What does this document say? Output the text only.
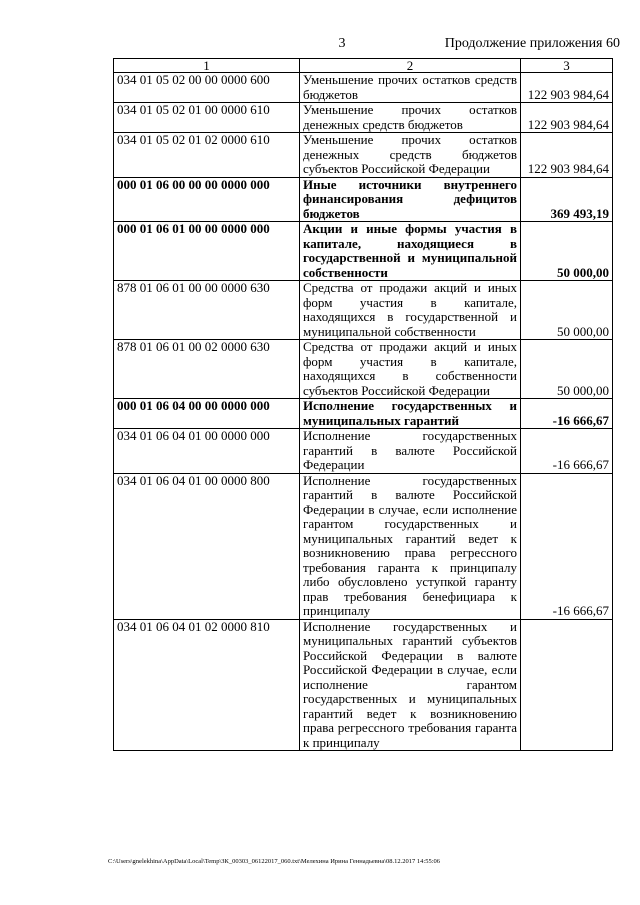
3	Продолжение приложения 60
1	2	3
034 01 05 02 00 00 0000 600	Уменьшение прочих остатков средств бюджетов	122 903 984,64
034 01 05 02 01 00 0000 610	Уменьшение прочих остатков денежных средств бюджетов	122 903 984,64
034 01 05 02 01 02 0000 610	Уменьшение прочих остатков денежных средств бюджетов субъектов Российской Федерации	122 903 984,64
000 01 06 00 00 00 0000 000	Иные источники внутреннего финансирования дефицитов бюджетов	369 493,19
000 01 06 01 00 00 0000 000	Акции и иные формы участия в капитале, находящиеся в государственной и муниципальной собственности	50 000,00
878 01 06 01 00 00 0000 630	Средства от продажи акций и иных форм участия в капитале, находящихся в государственной и муниципальной собственности	50 000,00
878 01 06 01 00 02 0000 630	Средства от продажи акций и иных форм участия в капитале, находящихся в собственности субъектов Российской Федерации	50 000,00
000 01 06 04 00 00 0000 000	Исполнение государственных и муниципальных гарантий	-16 666,67
034 01 06 04 01 00 0000 000	Исполнение государственных гарантий в валюте Российской Федерации	-16 666,67
034 01 06 04 01 00 0000 800	Исполнение государственных гарантий в валюте Российской Федерации в случае, если исполнение гарантом государственных и муниципальных гарантий ведет к возникновению права регрессного требования гаранта к принципалу либо обусловлено уступкой гаранту прав требования бенефициара к принципалу	-16 666,67
034 01 06 04 01 02 0000 810	Исполнение государственных и муниципальных гарантий субъектов Российской Федерации в валюте Российской Федерации в случае, если исполнение гарантом государственных и муниципальных гарантий ведет к возникновению права регрессного требования гаранта к принципалу	
C:\Users\gnelekhina\AppData\Local\Temp\ЗК_00303_06122017_060.txt\Мелехина Ирина Геннадьевна\08.12.2017 14:55:06
